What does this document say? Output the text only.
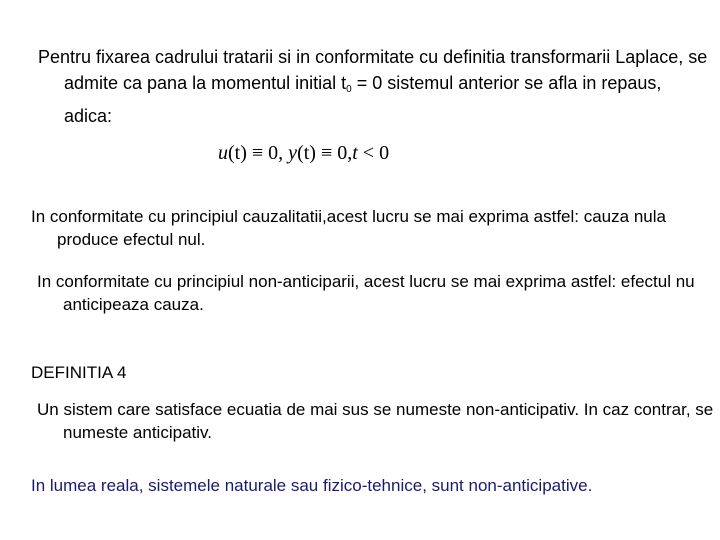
Pentru fixarea cadrului tratarii si in conformitate cu definitia transformarii Laplace, se admite ca pana la momentul initial $t_0 = 0$ sistemul anterior se afla in repaus, adica:

u(t) ≡ 0, y(t) ≡ 0,t < 0

In conformitate cu principiul cauzalitatii,acest lucru se mai exprima astfel: cauza nula produce efectul nul.

In conformitate cu principiul non-anticiparii, acest lucru se mai exprima astfel: efectul nu anticipeaza cauza.

DEFINITIA 4

Un sistem care satisface ecuatia de mai sus se numeste non-anticipativ. In caz contrar, se numeste anticipativ.

In lumea reala, sistemele naturale sau fizico-tehnice, sunt non-anticipative.
